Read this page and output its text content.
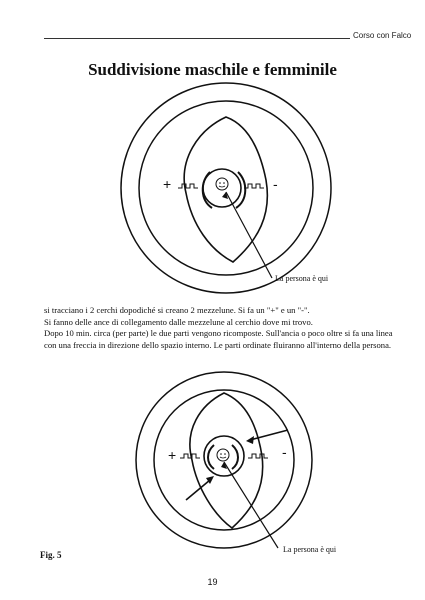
Corso con Falco
Suddivisione maschile e femminile
+	-
La persona è qui

si tracciano i 2 cerchi dopodiché si creano 2 mezzelune. Si fa un "+" e un "-".

Si fanno delle ance di collegamento dalle mezzelune al cerchio dove mi trovo.

Dopo 10 min. circa (per parte) le due parti vengono ricomposte. Sull'ancia o poco oltre si fa una linea

con una freccia in direzione dello spazio interno. Le parti ordinate fluiranno all'interno della persona.

+	-
La persona è qui
Fig. 5
19
